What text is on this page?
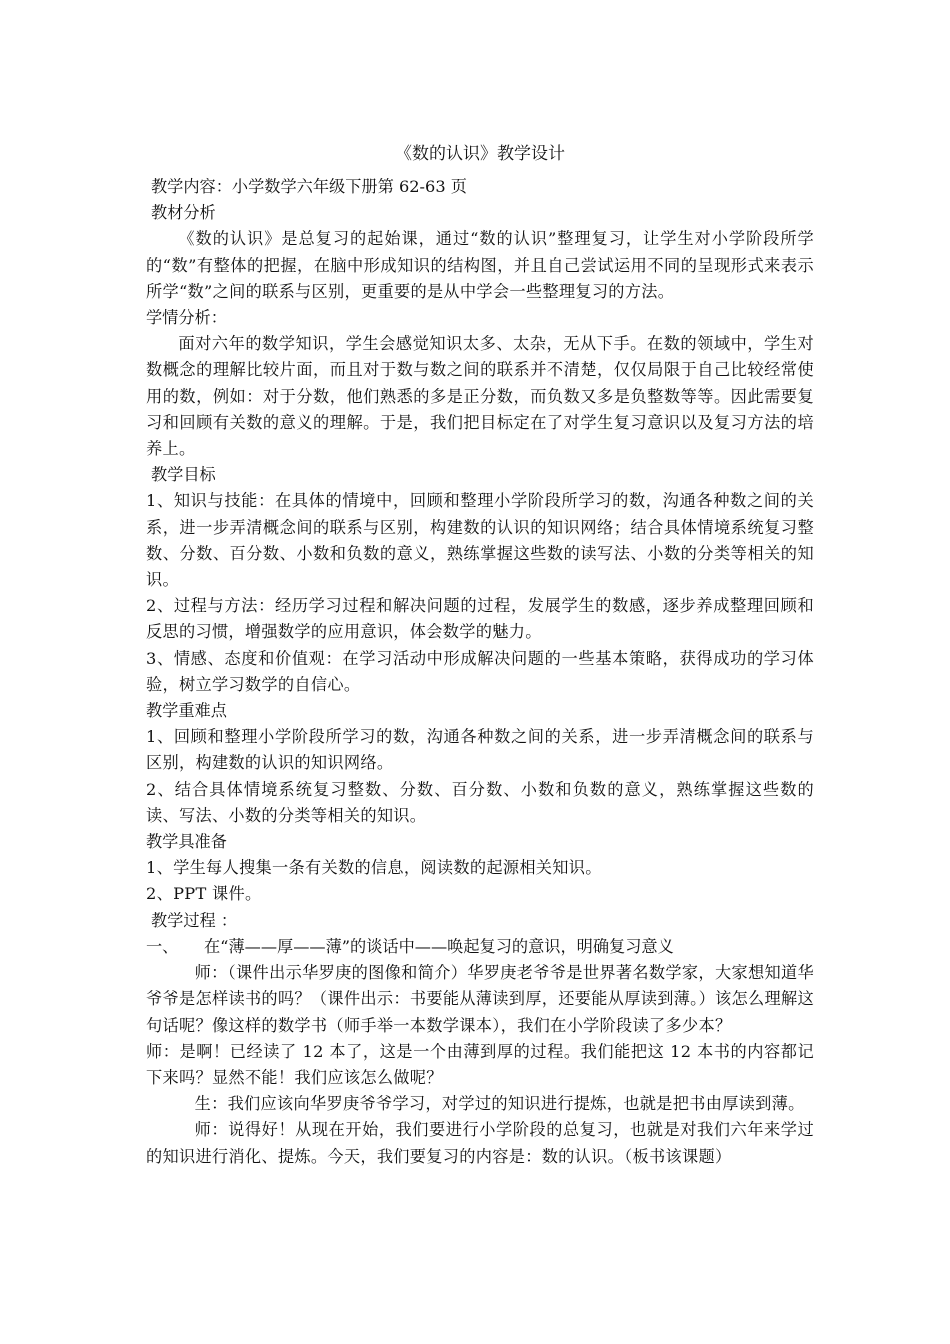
《数的认识》教学设计

教学内容：小学数学六年级下册第 62-63 页

教材分析

《数的认识》是总复习的起始课，通过“数的认识”整理复习，让学生对小学阶段所学的“数”有整体的把握，在脑中形成知识的结构图，并且自己尝试运用不同的呈现形式来表示所学“数”之间的联系与区别，更重要的是从中学会一些整理复习的方法。

学情分析：

面对六年的数学知识，学生会感觉知识太多、太杂，无从下手。在数的领域中，学生对数概念的理解比较片面，而且对于数与数之间的联系并不清楚，仅仅局限于自己比较经常使用的数，例如：对于分数，他们熟悉的多是正分数，而负数又多是负整数等等。因此需要复习和回顾有关数的意义的理解。于是，我们把目标定在了对学生复习意识以及复习方法的培养上。

教学目标

1、知识与技能：在具体的情境中，回顾和整理小学阶段所学习的数，沟通各种数之间的关系，进一步弄清概念间的联系与区别，构建数的认识的知识网络；结合具体情境系统复习整数、分数、百分数、小数和负数的意义，熟练掌握这些数的读写法、小数的分类等相关的知识。

2、过程与方法：经历学习过程和解决问题的过程，发展学生的数感，逐步养成整理回顾和反思的习惯，增强数学的应用意识，体会数学的魅力。

3、情感、态度和价值观：在学习活动中形成解决问题的一些基本策略，获得成功的学习体验，树立学习数学的自信心。

教学重难点

1、回顾和整理小学阶段所学习的数，沟通各种数之间的关系，进一步弄清概念间的联系与区别，构建数的认识的知识网络。

2、结合具体情境系统复习整数、分数、百分数、小数和负数的意义，熟练掌握这些数的读、写法、小数的分类等相关的知识。

教学具准备

1、学生每人搜集一条有关数的信息，阅读数的起源相关知识。

2、PPT 课件。

教学过程 ：

一、	在“薄——厚——薄”的谈话中——唤起复习的意识，明确复习意义

师：（课件出示华罗庚的图像和简介）华罗庚老爷爷是世界著名数学家，大家想知道华爷爷是怎样读书的吗？（课件出示：书要能从薄读到厚，还要能从厚读到薄。）该怎么理解这句话呢？像这样的数学书（师手举一本数学课本），我们在小学阶段读了多少本？

师：是啊！已经读了 12 本了，这是一个由薄到厚的过程。我们能把这 12 本书的内容都记下来吗？显然不能！我们应该怎么做呢？

生：我们应该向华罗庚爷爷学习，对学过的知识进行提炼，也就是把书由厚读到薄。

师：说得好！从现在开始，我们要进行小学阶段的总复习，也就是对我们六年来学过的知识进行消化、提炼。今天，我们要复习的内容是：数的认识。（板书该课题）
